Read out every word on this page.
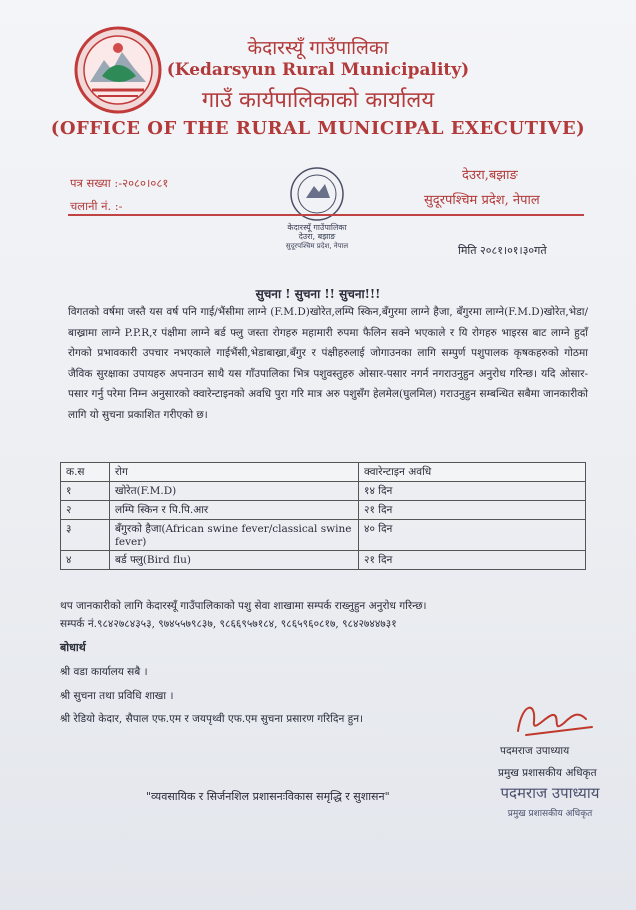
केदारस्यूँ गाउँपालिका
(Kedarsyun Rural Municipality)
गाउँ कार्यपालिकाको कार्यालय
(OFFICE OF THE RURAL MUNICIPAL EXECUTIVE)
पत्र सख्या :-२०८०।०८१
चलानी नं. :-
देउरा,बझाङ
सुदूरपश्चिम प्रदेश, नेपाल
केदारस्यूँ गाउँपालिका
देउरा, बझाङ
सुदूरपश्चिम प्रदेश, नेपाल	मिति २०८१।०१।३०गते
सुचना ! सुचना !! सुचना!!!
विगतको वर्षमा जस्तै यस वर्ष पनि गाई/भैंसीमा लाग्ने (F.M.D)खोरेत,लम्पि स्किन,बँगुरमा लाग्ने हैजा, बँगुरमा लाग्ने(F.M.D)खोरेत,भेडा/बाख्रामा लाग्ने P.P.R,र पंक्षीमा लाग्ने बर्ड फ्लु जस्ता रोगहरु महामारी रुपमा फैलिन सक्ने भएकाले र यि रोगहरु भाइरस बाट लाग्ने हुदाँ रोगको प्रभावकारी उपचार नभएकाले गाईभैंसी,भेडाबाख्रा,बँगुर र पंक्षीहरुलाई जोगाउनका लागि सम्पुर्ण पशुपालक कृषकहरुको गोठमा जैविक सुरक्षाका उपायहरु अपनाउन साथै यस गाँउपालिका भित्र पशुवस्तुहरु ओसार-पसार नगर्न नगराउनुहुन अनुरोध गरिन्छ। यदि ओसार-पसार गर्नु परेमा निम्न अनुसारको क्वारेन्टाइनको अवधि पुरा गरि मात्र अरु पशुसँग हेलमेल(घुलमिल) गराउनुहुन सम्बन्धित सबैमा जानकारीको लागि यो सुचना प्रकाशित गरीएको छ।
क.स	रोग	क्वारेन्टाइन अवधि
१	खोरेत(F.M.D)	१४ दिन
२	लम्पि स्किन र पि.पि.आर	२१ दिन
३	बँगुरको हैजा(African swine fever/classical swine fever)	४० दिन
४	बर्ड फ्लु(Bird flu)	२१ दिन
थप जानकारीको लागि केदारस्यूँ गाउँपालिकाको पशु सेवा शाखामा सम्पर्क राख्नुहुन अनुरोध गरिन्छ।
सम्पर्क नं.९८४२७८४३५३, ९७४५५७९८३७, ९८६६९५७१८४, ९८६५९६०८१७, ९८४२७४४७३१
बोधार्थ
श्री वडा कार्यालय सबै ।
श्री सुचना तथा प्रविधि शाखा ।
श्री रेडियो केदार, सैपाल एफ.एम र जयपृथ्वी एफ.एम सुचना प्रसारण गरिदिन हुन।
पदमराज उपाध्याय
प्रमुख प्रशासकीय अधिकृत
पदमराज उपाध्याय
प्रमुख प्रशासकीय अधिकृत
"व्यवसायिक र सिर्जनशिल प्रशासनःविकास समृद्धि र सुशासन"
